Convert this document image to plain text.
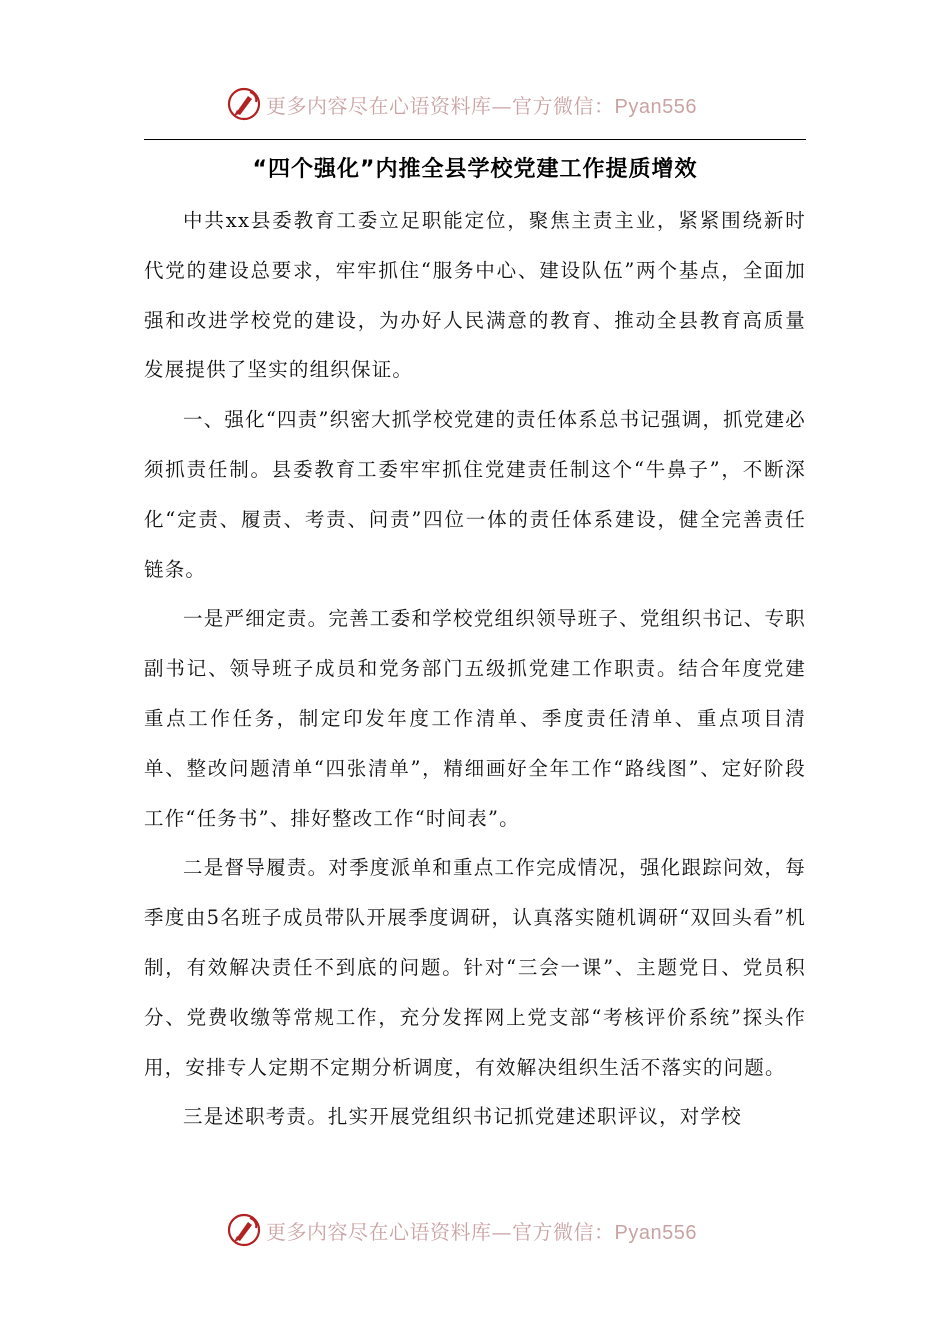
更多内容尽在心语资料库—官方微信：Pyan556
“四个强化”内推全县学校党建工作提质增效

中共xx县委教育工委立足职能定位，聚焦主责主业，紧紧围绕新时代党的建设总要求，牢牢抓住“服务中心、建设队伍”两个基点，全面加强和改进学校党的建设，为办好人民满意的教育、推动全县教育高质量发展提供了坚实的组织保证。

一、强化“四责”织密大抓学校党建的责任体系总书记强调，抓党建必须抓责任制。县委教育工委牢牢抓住党建责任制这个“牛鼻子”，不断深化“定责、履责、考责、问责”四位一体的责任体系建设，健全完善责任链条。

一是严细定责。完善工委和学校党组织领导班子、党组织书记、专职副书记、领导班子成员和党务部门五级抓党建工作职责。结合年度党建重点工作任务，制定印发年度工作清单、季度责任清单、重点项目清单、整改问题清单“四张清单”，精细画好全年工作“路线图”、定好阶段工作“任务书”、排好整改工作“时间表”。

二是督导履责。对季度派单和重点工作完成情况，强化跟踪问效，每季度由5名班子成员带队开展季度调研，认真落实随机调研“双回头看”机制，有效解决责任不到底的问题。针对“三会一课”、主题党日、党员积分、党费收缴等常规工作，充分发挥网上党支部“考核评价系统”探头作用，安排专人定期不定期分析调度，有效解决组织生活不落实的问题。

三是述职考责。扎实开展党组织书记抓党建述职评议，对学校

更多内容尽在心语资料库—官方微信：Pyan556
